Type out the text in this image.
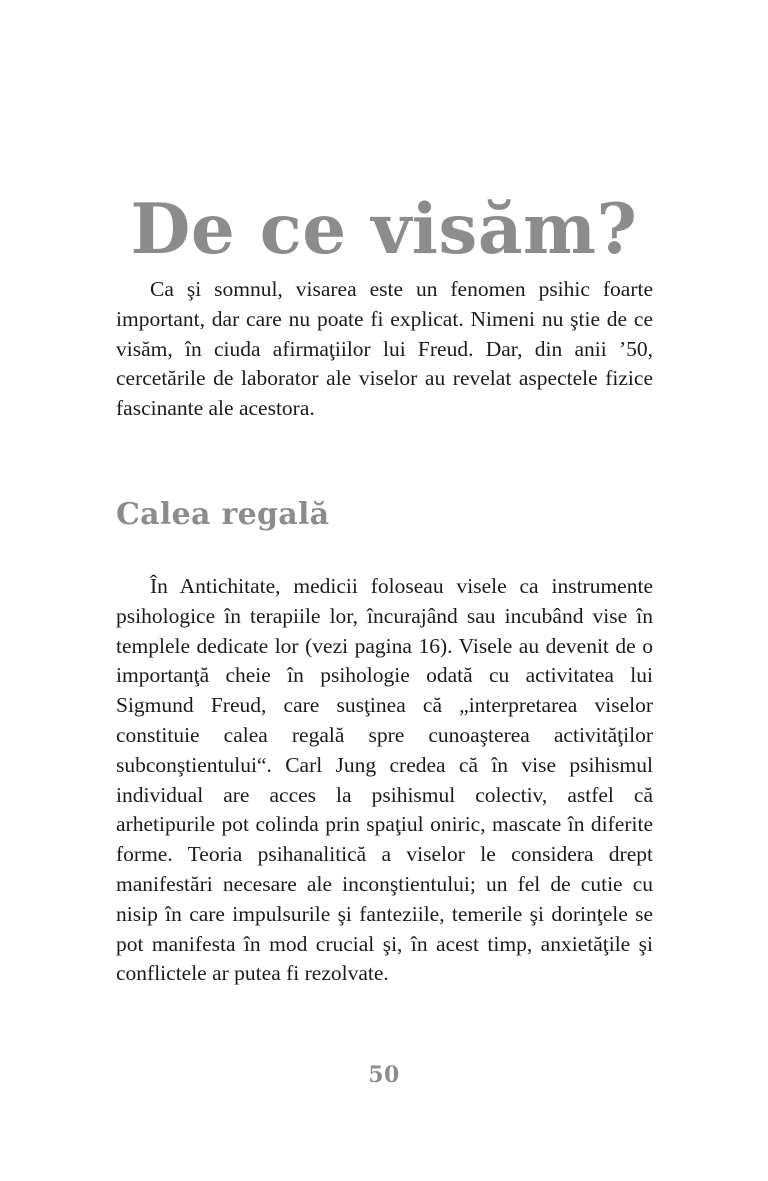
De ce visăm?

Ca şi somnul, visarea este un fenomen psihic foarte important, dar care nu poate fi explicat. Nimeni nu ştie de ce visăm, în ciuda afirmaţiilor lui Freud. Dar, din anii ’50, cercetările de laborator ale viselor au revelat aspectele fizice fascinante ale acestora.

Calea regală

În Antichitate, medicii foloseau visele ca instrumente psihologice în terapiile lor, încurajând sau incubând vise în templele dedicate lor (vezi pagina 16). Visele au devenit de o importanţă cheie în psihologie odată cu activitatea lui Sigmund Freud, care susţinea că „interpretarea viselor constituie calea regală spre cunoaşterea activităţilor subconştientului“. Carl Jung credea că în vise psihismul individual are acces la psihismul colectiv, astfel că arhetipurile pot colinda prin spaţiul oniric, mascate în diferite forme. Teoria psihanalitică a viselor le considera drept manifestări necesare ale inconştientului; un fel de cutie cu nisip în care impulsurile şi fanteziile, temerile şi dorinţele se pot manifesta în mod crucial şi, în acest timp, anxietăţile şi conflictele ar putea fi rezolvate.

50
